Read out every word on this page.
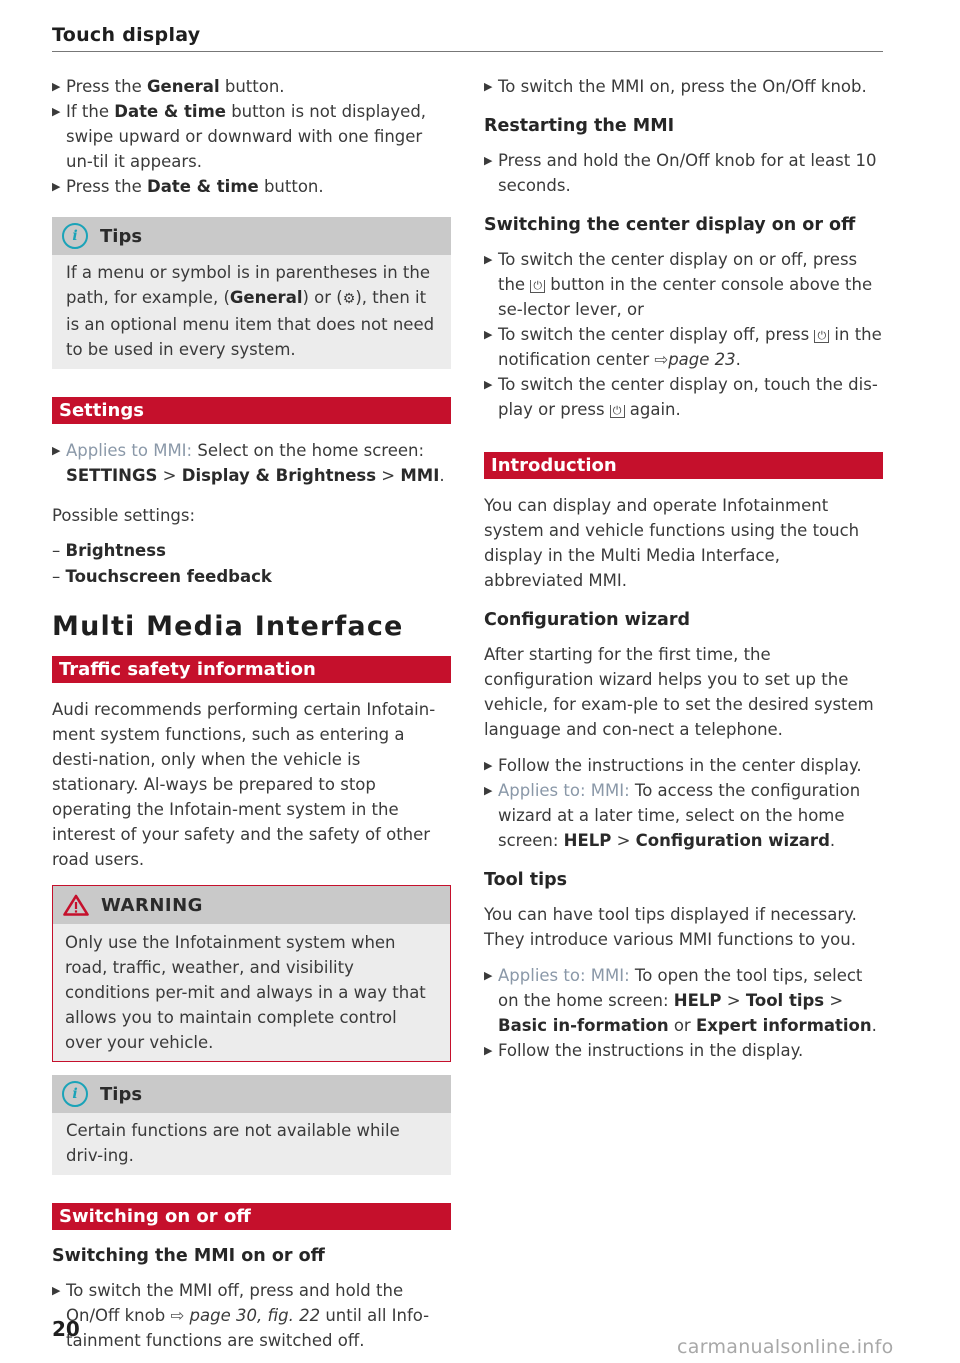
Touch display

▶ Press the General button.

▶ If the Date & time button is not displayed, swipe upward or downward with one finger un-til it appears.

▶ Press the Date & time button.

i	Tips
If a menu or symbol is in parentheses in the path, for example, (General) or (⚙), then it is an optional menu item that does not need to be used in every system.
Settings

▶ Applies to MMI: Select on the home screen: SETTINGS > Display & Brightness > MMI.

Possible settings:

– Brightness

– Touchscreen feedback

Multi Media Interface
Traffic safety information

Audi recommends performing certain Infotain-ment system functions, such as entering a desti-nation, only when the vehicle is stationary. Al-ways be prepared to stop operating the Infotain-ment system in the interest of your safety and the safety of other road users.

WARNING
Only use the Infotainment system when road, traffic, weather, and visibility conditions per-mit and always in a way that allows you to maintain complete control over your vehicle.
i	Tips
Certain functions are not available while driv-ing.
Switching on or off
Switching the MMI on or off

▶ To switch the MMI off, press and hold the On/Off knob ⇨ page 30, fig. 22 until all Info-tainment functions are switched off.

▶ To switch the MMI on, press the On/Off knob.

Restarting the MMI

▶ Press and hold the On/Off knob for at least 10 seconds.

Switching the center display on or off

▶ To switch the center display on or off, press the ⏻ button in the center console above the se-lector lever, or

▶ To switch the center display off, press ⏻ in the notification center ⇨page 23.

▶ To switch the center display on, touch the dis-play or press ⏻ again.

Introduction

You can display and operate Infotainment system and vehicle functions using the touch display in the Multi Media Interface, abbreviated MMI.

Configuration wizard

After starting for the first time, the configuration wizard helps you to set up the vehicle, for exam-ple to set the desired system language and con-nect a telephone.

▶ Follow the instructions in the center display.

▶ Applies to: MMI: To access the configuration wizard at a later time, select on the home screen: HELP > Configuration wizard.

Tool tips

You can have tool tips displayed if necessary. They introduce various MMI functions to you.

▶ Applies to: MMI: To open the tool tips, select on the home screen: HELP > Tool tips > Basic in-formation or Expert information.

▶ Follow the instructions in the display.

20
carmanualsonline.info
